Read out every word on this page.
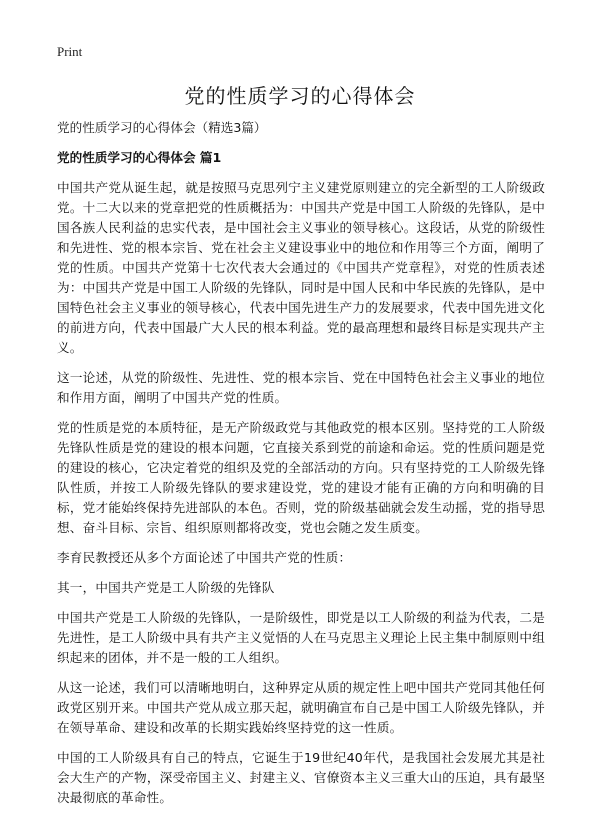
Print
党的性质学习的心得体会

党的性质学习的心得体会（精选3篇）

党的性质学习的心得体会 篇1

中国共产党从诞生起，就是按照马克思列宁主义建党原则建立的完全新型的工人阶级政党。十二大以来的党章把党的性质概括为：中国共产党是中国工人阶级的先锋队，是中国各族人民利益的忠实代表，是中国社会主义事业的领导核心。这段话，从党的阶级性和先进性、党的根本宗旨、党在社会主义建设事业中的地位和作用等三个方面，阐明了党的性质。中国共产党第十七次代表大会通过的《中国共产党章程》，对党的性质表述为：中国共产党是中国工人阶级的先锋队，同时是中国人民和中华民族的先锋队，是中国特色社会主义事业的领导核心，代表中国先进生产力的发展要求，代表中国先进文化的前进方向，代表中国最广大人民的根本利益。党的最高理想和最终目标是实现共产主义。

这一论述，从党的阶级性、先进性、党的根本宗旨、党在中国特色社会主义事业的地位和作用方面，阐明了中国共产党的性质。

党的性质是党的本质特征，是无产阶级政党与其他政党的根本区别。坚持党的工人阶级先锋队性质是党的建设的根本问题，它直接关系到党的前途和命运。党的性质问题是党的建设的核心，它决定着党的组织及党的全部活动的方向。只有坚持党的工人阶级先锋队性质，并按工人阶级先锋队的要求建设党，党的建设才能有正确的方向和明确的目标，党才能始终保持先进部队的本色。否则，党的阶级基础就会发生动摇，党的指导思想、奋斗目标、宗旨、组织原则都将改变，党也会随之发生质变。

李育民教授还从多个方面论述了中国共产党的性质：

其一，中国共产党是工人阶级的先锋队

中国共产党是工人阶级的先锋队，一是阶级性，即党是以工人阶级的利益为代表，二是先进性，是工人阶级中具有共产主义觉悟的人在马克思主义理论上民主集中制原则中组织起来的团体，并不是一般的工人组织。

从这一论述，我们可以清晰地明白，这种界定从质的规定性上吧中国共产党同其他任何政党区别开来。中国共产党从成立那天起，就明确宣布自己是中国工人阶级先锋队，并在领导革命、建设和改革的长期实践始终坚持党的这一性质。

中国的工人阶级具有自己的特点，它诞生于19世纪40年代，是我国社会发展尤其是社会大生产的产物，深受帝国主义、封建主义、官僚资本主义三重大山的压迫，具有最坚决最彻底的革命性。
